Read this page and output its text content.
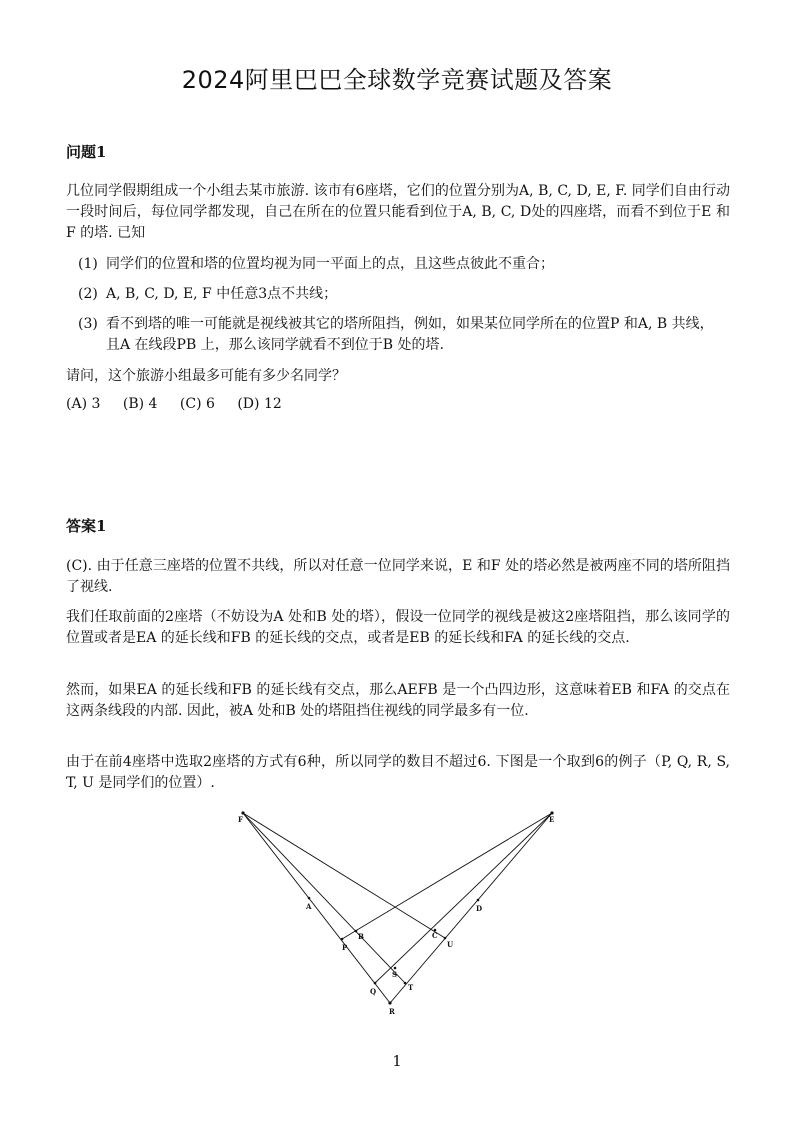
2024阿里巴巴全球数学竞赛试题及答案
问题1
几位同学假期组成一个小组去某市旅游. 该市有6座塔，它们的位置分别为A, B, C, D, E, F. 同学们自由行动一段时间后，每位同学都发现，自己在所在的位置只能看到位于A, B, C, D处的四座塔，而看不到位于E 和F 的塔. 已知
(1) 同学们的位置和塔的位置均视为同一平面上的点，且这些点彼此不重合；
(2) A, B, C, D, E, F 中任意3点不共线；
(3) 看不到塔的唯一可能就是视线被其它的塔所阻挡，例如，如果某位同学所在的位置P 和A, B 共线，且A 在线段PB 上，那么该同学就看不到位于B 处的塔.
请问，这个旅游小组最多可能有多少名同学？
(A) 3 (B) 4 (C) 6 (D) 12
答案1
(C). 由于任意三座塔的位置不共线，所以对任意一位同学来说，E 和F 处的塔必然是被两座不同的塔所阻挡了视线.
我们任取前面的2座塔（不妨设为A 处和B 处的塔），假设一位同学的视线是被这2座塔阻挡，那么该同学的位置或者是EA 的延长线和FB 的延长线的交点，或者是EB 的延长线和FA 的延长线的交点.
然而，如果EA 的延长线和FB 的延长线有交点，那么AEFB 是一个凸四边形，这意味着EB 和FA 的交点在这两条线段的内部. 因此，被A 处和B 处的塔阻挡住视线的同学最多有一位.
由于在前4座塔中选取2座塔的方式有6种，所以同学的数目不超过6. 下图是一个取到6的例子（P, Q, R, S, T, U 是同学们的位置）.
F	E
A
B	C
D
P	U
S
Q	T
R
1
